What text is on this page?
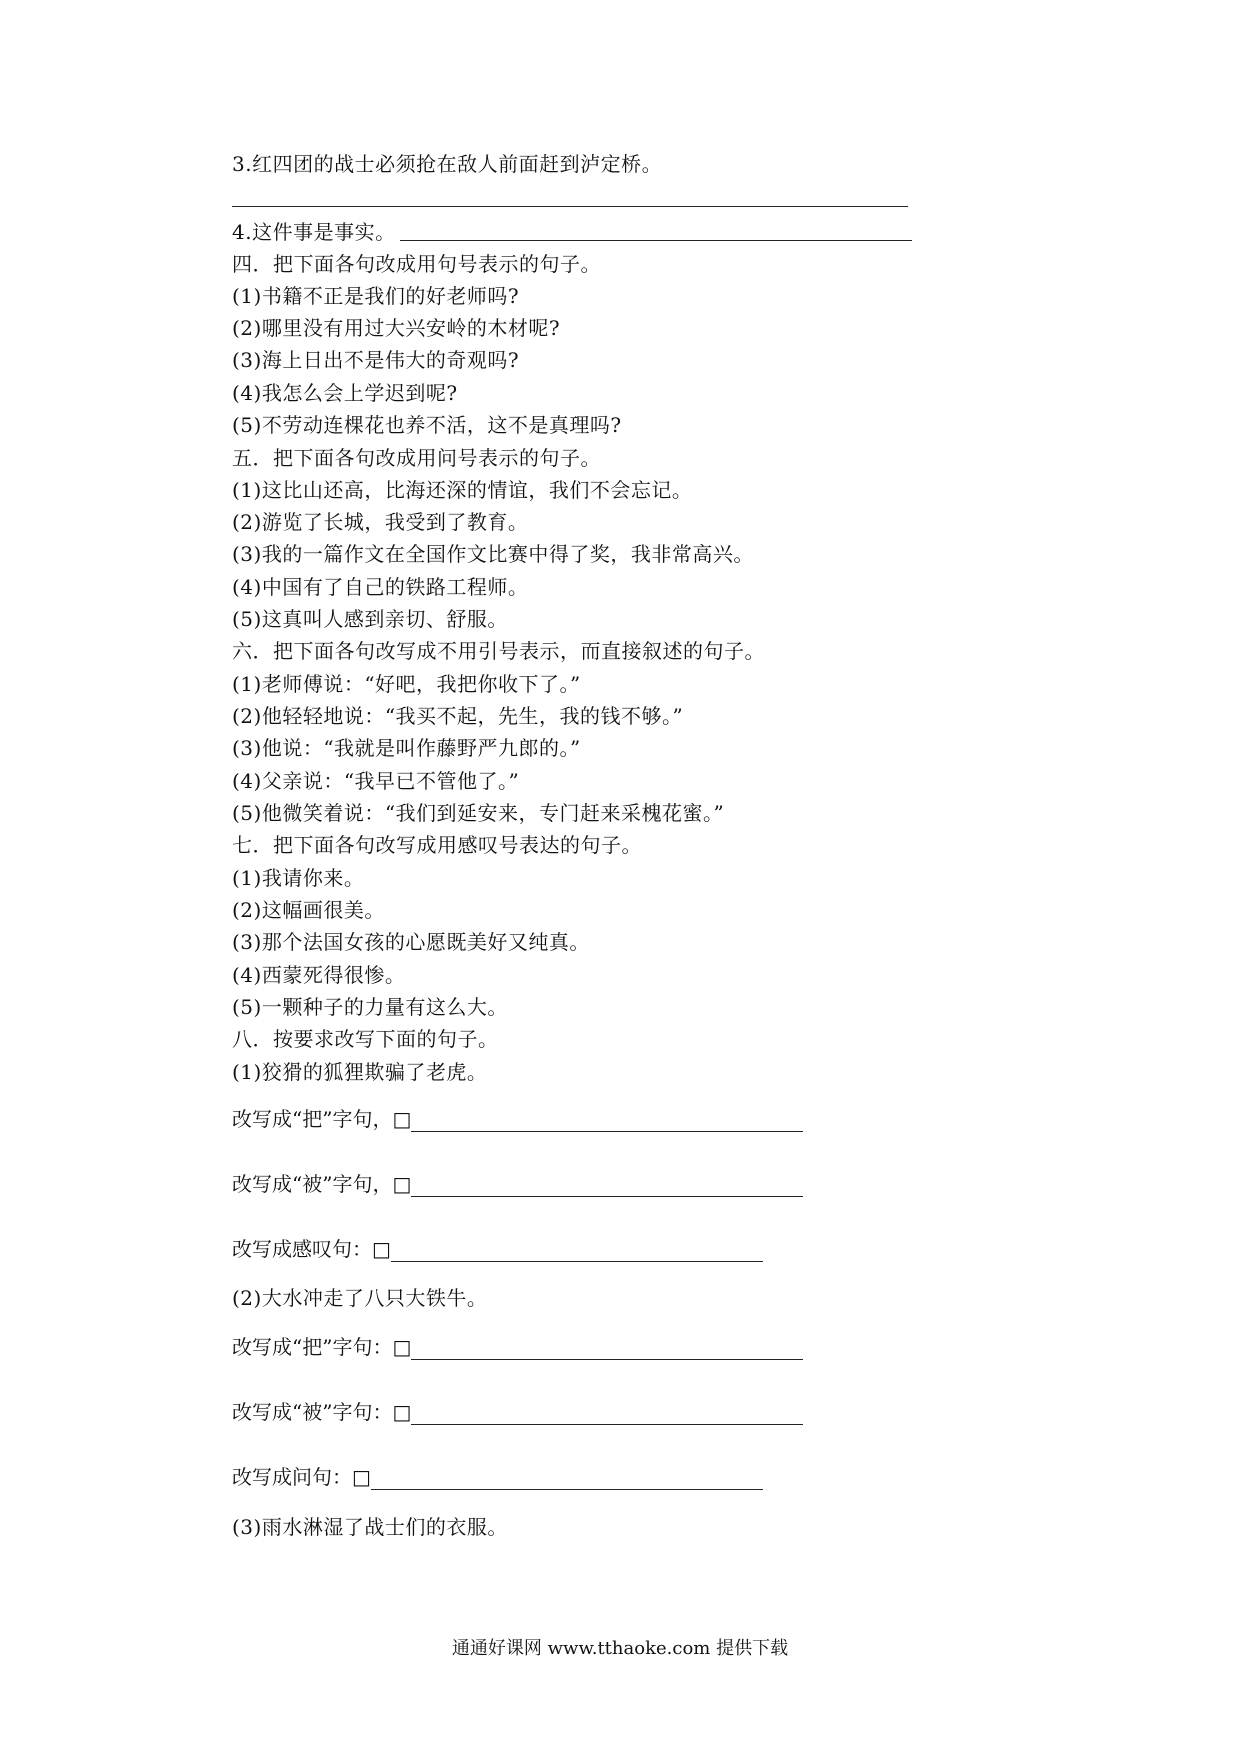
3.红四团的战士必须抢在敌人前面赶到泸定桥。
4.这件事是事实。
四．把下面各句改成用句号表示的句子。
(1)书籍不正是我们的好老师吗?
(2)哪里没有用过大兴安岭的木材呢?
(3)海上日出不是伟大的奇观吗?
(4)我怎么会上学迟到呢?
(5)不劳动连棵花也养不活，这不是真理吗?
五．把下面各句改成用问号表示的句子。
(1)这比山还高，比海还深的情谊，我们不会忘记。
(2)游览了长城，我受到了教育。
(3)我的一篇作文在全国作文比赛中得了奖，我非常高兴。
(4)中国有了自己的铁路工程师。
(5)这真叫人感到亲切、舒服。
六．把下面各句改写成不用引号表示，而直接叙述的句子。
(1)老师傅说：“好吧，我把你收下了。”
(2)他轻轻地说：“我买不起，先生，我的钱不够。”
(3)他说：“我就是叫作藤野严九郎的。”
(4)父亲说：“我早已不管他了。”
(5)他微笑着说：“我们到延安来，专门赶来采槐花蜜。”
七．把下面各句改写成用感叹号表达的句子。
(1)我请你来。
(2)这幅画很美。
(3)那个法国女孩的心愿既美好又纯真。
(4)西蒙死得很惨。
(5)一颗种子的力量有这么大。
八．按要求改写下面的句子。
(1)狡猾的狐狸欺骗了老虎。
改写成“把”字句，□
改写成“被”字句，□
改写成感叹句：□
(2)大水冲走了八只大铁牛。
改写成“把”字句：□
改写成“被”字句：□
改写成问句：□
(3)雨水淋湿了战士们的衣服。
通通好课网 www.tthaoke.com 提供下载
